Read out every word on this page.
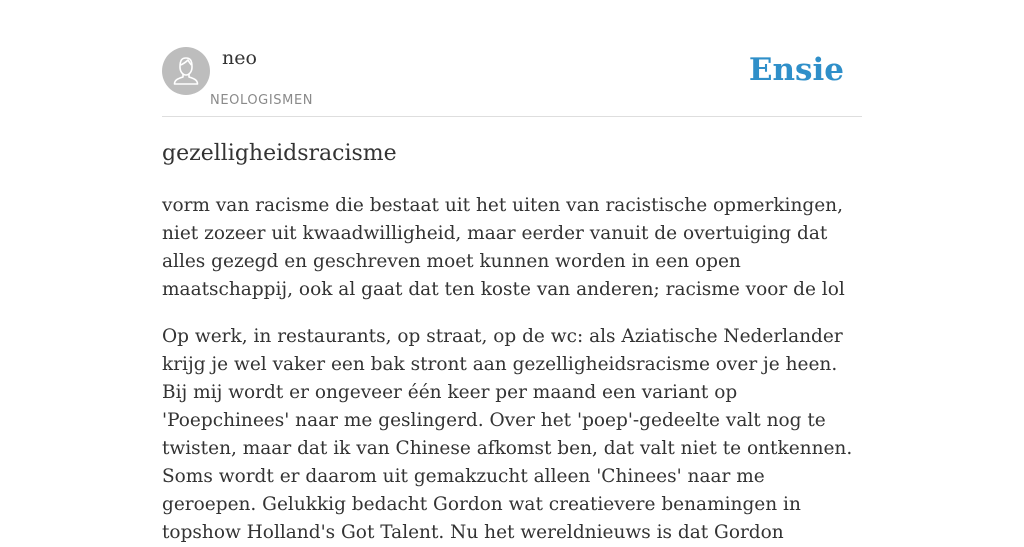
neo
NEOLOGISMEN
Ensie
gezelligheidsracisme

vorm van racisme die bestaat uit het uiten van racistische opmerkingen, niet zozeer uit kwaadwilligheid, maar eerder vanuit de overtuiging dat alles gezegd en geschreven moet kunnen worden in een open maatschappij, ook al gaat dat ten koste van anderen; racisme voor de lol

Op werk, in restaurants, op straat, op de wc: als Aziatische Nederlander krijg je wel vaker een bak stront aan gezelligheidsracisme over je heen. Bij mij wordt er ongeveer één keer per maand een variant op 'Poepchinees' naar me geslingerd. Over het 'poep'-gedeelte valt nog te twisten, maar dat ik van Chinese afkomst ben, dat valt niet te ontkennen. Soms wordt er daarom uit gemakzucht alleen 'Chinees' naar me geroepen. Gelukkig bedacht Gordon wat creatievere benamingen in topshow Holland's Got Talent. Nu het wereldnieuws is dat Gordon
